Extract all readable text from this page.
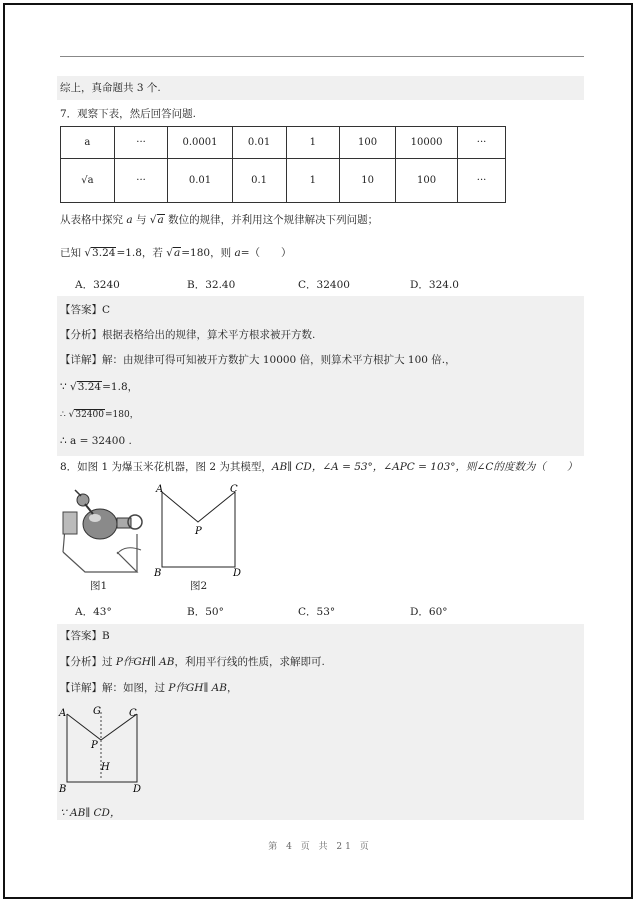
综上，真命题共 3 个.
7．观察下表，然后回答问题.
a	···	0.0001	0.01	1	100	10000	···
√a	···	0.01	0.1	1	10	100	···
从表格中探究 a 与 √a 数位的规律，并利用这个规律解决下列问题；
已知 √3.24=1.8，若 √a=180，则 a=（　　）
A．3240	B．32.40	C．32400	D．324.0
【答案】C
【分析】根据表格给出的规律，算术平方根求被开方数.
【详解】解：由规律可得可知被开方数扩大 10000 倍，则算术平方根扩大 100 倍.，
∵ √3.24=1.8，
∴ √32400=180，
∴ a = 32400 .
8．如图 1 为爆玉米花机器，图 2 为其模型，AB∥ CD，∠A = 53°，∠APC = 103°，则∠C的度数为（　　）
图1
A	C
P
B	D
图2
A．43°	B．50°	C．53°	D．60°
【答案】B
【分析】过 P作GH∥ AB，利用平行线的性质，求解即可.
【详解】解：如图，过 P作GH∥ AB，
A	G	C
P
H
B	D
∵ AB∥ CD，
第 4 页 共 21 页
